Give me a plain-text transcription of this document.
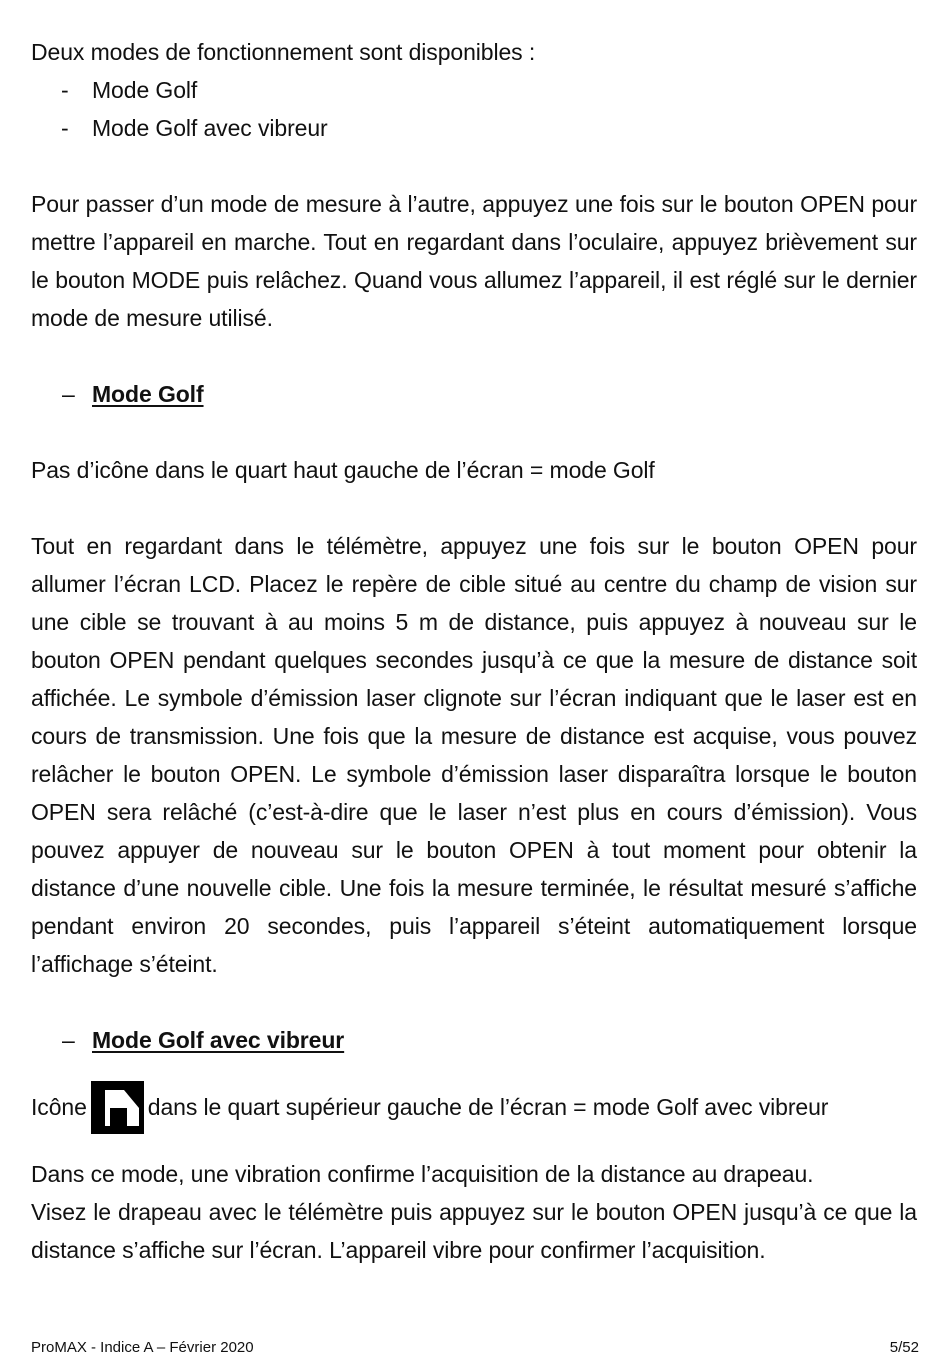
Deux modes de fonctionnement sont disponibles :

- Mode Golf

- Mode Golf avec vibreur

Pour passer d’un mode de mesure à l’autre, appuyez une fois sur le bouton OPEN pour mettre l’appareil en marche. Tout en regardant dans l’oculaire, appuyez brièvement sur le bouton MODE puis relâchez. Quand vous allumez l’appareil, il est réglé sur le dernier mode de mesure utilisé.

– Mode Golf

Pas d’icône dans le quart haut gauche de l’écran = mode Golf

Tout en regardant dans le télémètre, appuyez une fois sur le bouton OPEN pour allumer l’écran LCD. Placez le repère de cible situé au centre du champ de vision sur une cible se trouvant à au moins 5 m de distance, puis appuyez à nouveau sur le bouton OPEN pendant quelques secondes jusqu’à ce que la mesure de distance soit affichée. Le symbole d’émission laser clignote sur l’écran indiquant que le laser est en cours de transmission. Une fois que la mesure de distance est acquise, vous pouvez relâcher le bouton OPEN. Le symbole d’émission laser disparaîtra lorsque le bouton OPEN sera relâché (c’est-à-dire que le laser n’est plus en cours d’émission). Vous pouvez appuyer de nouveau sur le bouton OPEN à tout moment pour obtenir la distance d’une nouvelle cible. Une fois la mesure terminée, le résultat mesuré s’affiche pendant environ 20 secondes, puis l’appareil s’éteint automatiquement lorsque l’affichage s’éteint.

– Mode Golf avec vibreur

Icône	dans le quart supérieur gauche de l’écran = mode Golf avec vibreur

Dans ce mode, une vibration confirme l’acquisition de la distance au drapeau.

Visez le drapeau avec le télémètre puis appuyez sur le bouton OPEN jusqu’à ce que la distance s’affiche sur l’écran. L’appareil vibre pour confirmer l’acquisition.

ProMAX - Indice A – Février 2020	5/52
